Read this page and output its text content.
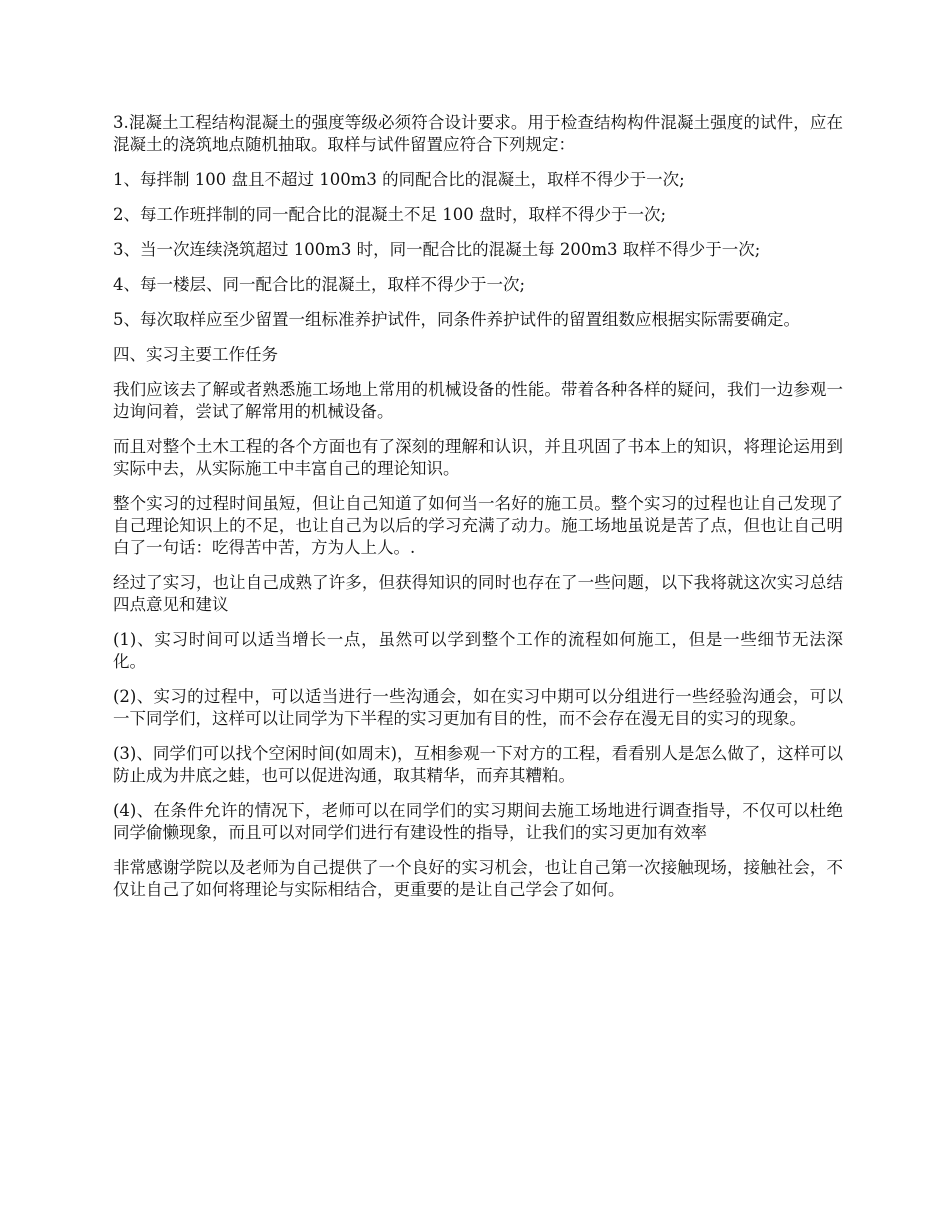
3.混凝土工程结构混凝土的强度等级必须符合设计要求。用于检查结构构件混凝土强度的试件，应在混凝土的浇筑地点随机抽取。取样与试件留置应符合下列规定：

1、每拌制 100 盘且不超过 100m3 的同配合比的混凝土，取样不得少于一次;

2、每工作班拌制的同一配合比的混凝土不足 100 盘时，取样不得少于一次;

3、当一次连续浇筑超过 100m3 时，同一配合比的混凝土每 200m3 取样不得少于一次;

4、每一楼层、同一配合比的混凝土，取样不得少于一次;

5、每次取样应至少留置一组标准养护试件，同条件养护试件的留置组数应根据实际需要确定。

四、实习主要工作任务

我们应该去了解或者熟悉施工场地上常用的机械设备的性能。带着各种各样的疑问，我们一边参观一边询问着，尝试了解常用的机械设备。

而且对整个土木工程的各个方面也有了深刻的理解和认识，并且巩固了书本上的知识，将理论运用到实际中去，从实际施工中丰富自己的理论知识。

整个实习的过程时间虽短，但让自己知道了如何当一名好的施工员。整个实习的过程也让自己发现了自己理论知识上的不足，也让自己为以后的学习充满了动力。施工场地虽说是苦了点，但也让自己明白了一句话：吃得苦中苦，方为人上人。.

经过了实习，也让自己成熟了许多，但获得知识的同时也存在了一些问题，以下我将就这次实习总结四点意见和建议

(1)、实习时间可以适当增长一点，虽然可以学到整个工作的流程如何施工，但是一些细节无法深化。

(2)、实习的过程中，可以适当进行一些沟通会，如在实习中期可以分组进行一些经验沟通会，可以一下同学们，这样可以让同学为下半程的实习更加有目的性，而不会存在漫无目的实习的现象。

(3)、同学们可以找个空闲时间(如周末)，互相参观一下对方的工程，看看别人是怎么做了，这样可以防止成为井底之蛙，也可以促进沟通，取其精华，而弃其糟粕。

(4)、在条件允许的情况下，老师可以在同学们的实习期间去施工场地进行调查指导，不仅可以杜绝同学偷懒现象，而且可以对同学们进行有建设性的指导，让我们的实习更加有效率

非常感谢学院以及老师为自己提供了一个良好的实习机会，也让自己第一次接触现场，接触社会，不仅让自己了如何将理论与实际相结合，更重要的是让自己学会了如何。
